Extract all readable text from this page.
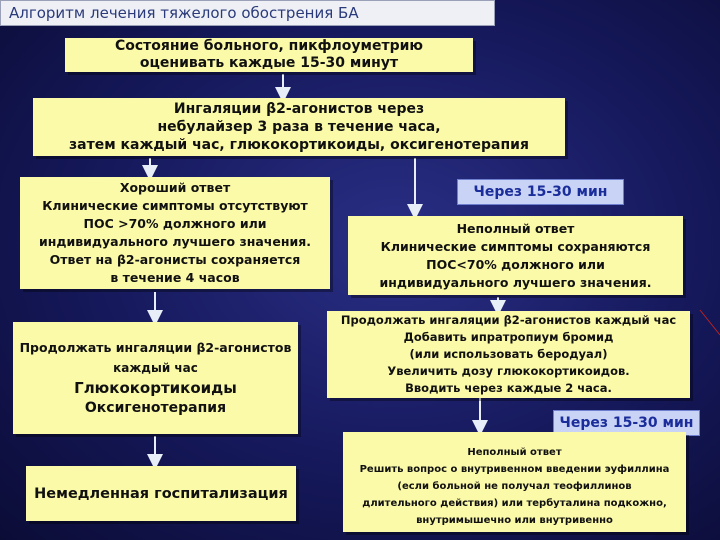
Алгоритм лечения тяжелого обострения БА
Состояние больного, пикфлоуметрию
оценивать каждые 15-30 минут
Ингаляции β2-агонистов через
небулайзер 3 раза в течение часа,
затем каждый час, глюкокортикоиды, оксигенотерапия
Хороший ответ
Клинические симптомы отсутствуют
ПОС >70% должного или
индивидуального лучшего значения.
Ответ на β2-агонисты сохраняется
в течение 4 часов
Через 15-30 мин
Неполный ответ
Клинические симптомы сохраняются
ПОС<70% должного или
индивидуального лучшего значения.
Продолжать ингаляции β2-агонистов
каждый час
Глюкокортикоиды
Оксигенотерапия
Продолжать ингаляции β2-агонистов каждый час
Добавить ипратропиум бромид
(или использовать беродуал)
Увеличить дозу глюкокортикоидов.
Вводить через каждые 2 часа.
Через 15-30 мин
Немедленная госпитализация
Неполный ответ
Решить вопрос о внутривенном введении эуфиллина
(если больной не получал теофиллинов
длительного действия) или тербуталина подкожно,
внутримышечно или внутривенно
